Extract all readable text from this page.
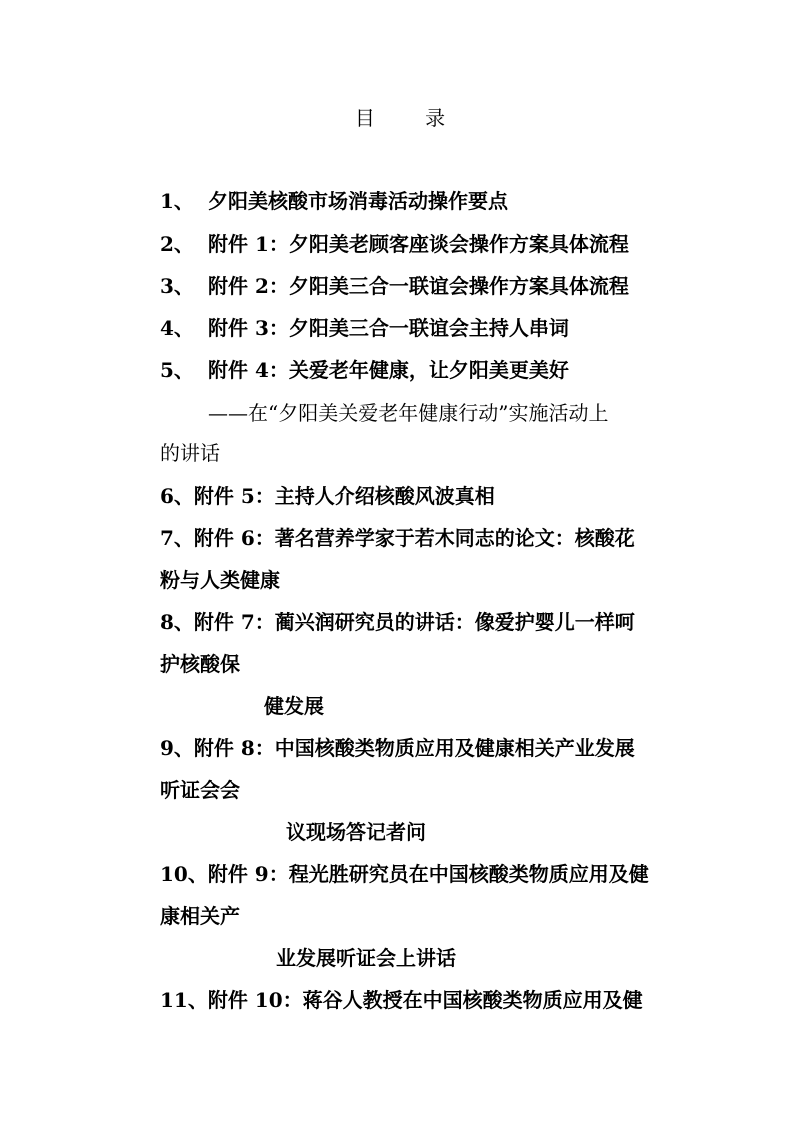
目 录
1、 夕阳美核酸市场消毒活动操作要点
2、 附件 1：夕阳美老顾客座谈会操作方案具体流程
3、 附件 2：夕阳美三合一联谊会操作方案具体流程
4、 附件 3：夕阳美三合一联谊会主持人串词
5、 附件 4：关爱老年健康，让夕阳美更美好
——在“夕阳美关爱老年健康行动”实施活动上
的讲话
6、附件 5：主持人介绍核酸风波真相
7、附件 6：著名营养学家于若木同志的论文：核酸花
粉与人类健康
8、附件 7：蔺兴润研究员的讲话：像爱护婴儿一样呵
护核酸保
健发展
9、附件 8：中国核酸类物质应用及健康相关产业发展
听证会会
议现场答记者问
10、附件 9：程光胜研究员在中国核酸类物质应用及健
康相关产
业发展听证会上讲话
11、附件 10：蒋谷人教授在中国核酸类物质应用及健
